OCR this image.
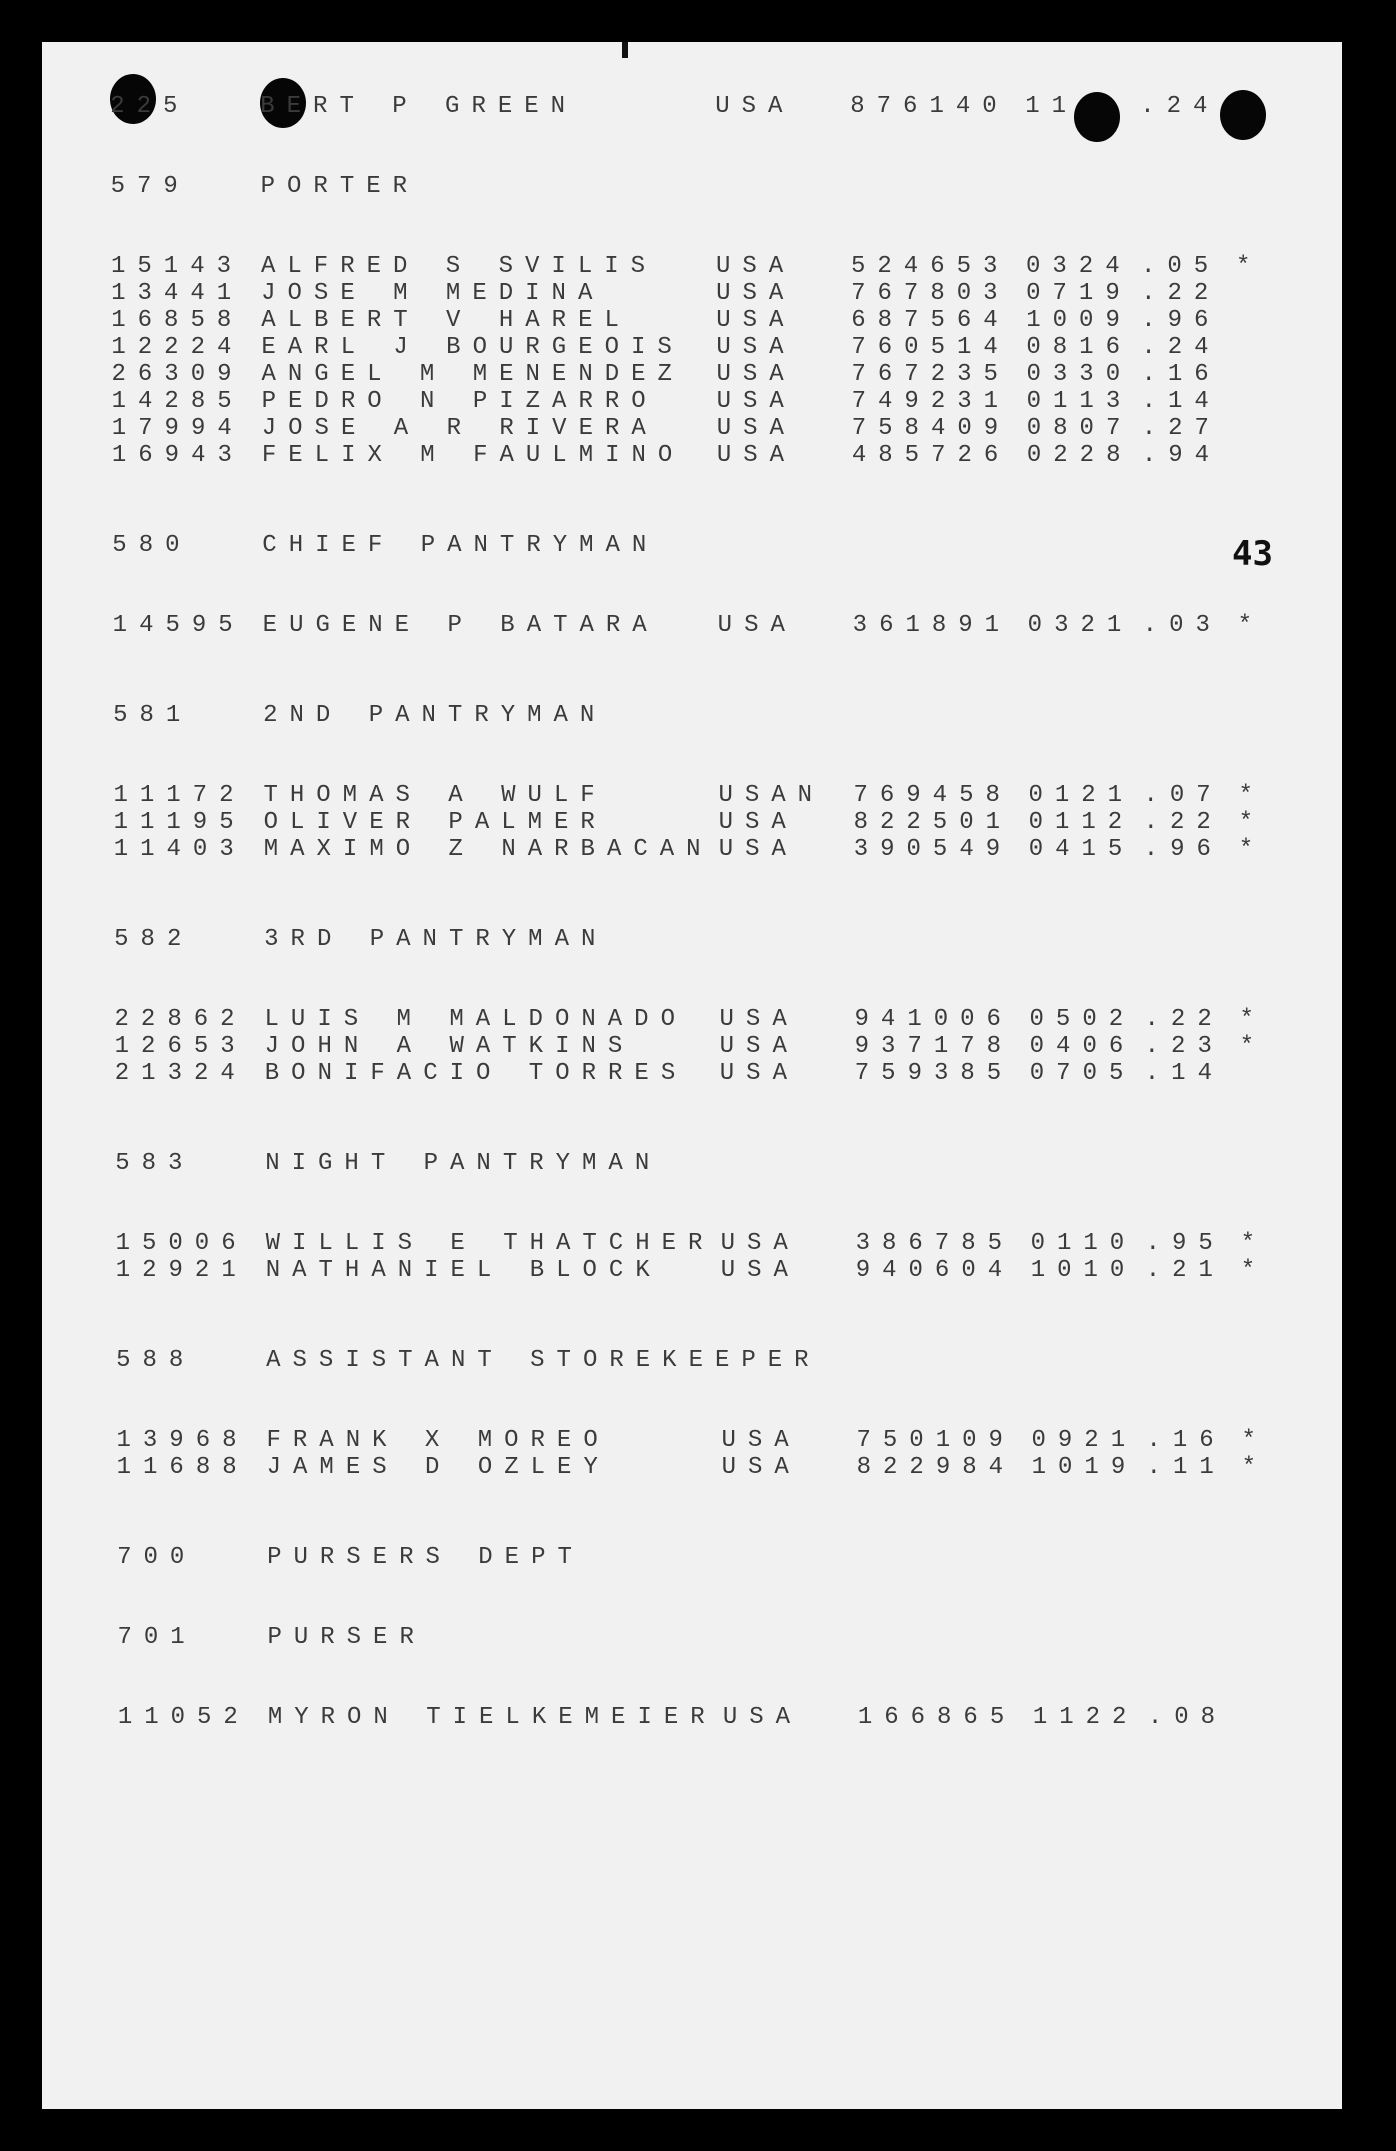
43
225	BERT P GREEN	USA 876140 11	.24
579	PORTER
15143 ALFRED S SVILIS USA 524653 0324 .05 *
13441 JOSE M MEDINA	USA 767803 0719 .22
16858 ALBERT V HAREL	USA 687564 1009 .96
12224 EARL J BOURGEOIS USA 760514 0816 .24
26309 ANGEL M MENENDEZ USA 767235 0330 .16
14285 PEDRO N PIZARRO USA 749231 0113 .14
17994 JOSE A R RIVERA USA 758409 0807 .27
16943 FELIX M FAULMINO USA 485726 0228 .94
580	CHIEF PANTRYMAN
14595 EUGENE P BATARA USA 361891 0321 .03 *
581	2ND PANTRYMAN
11172 THOMAS A WULF	USAN 769458 0121 .07 *
11195 OLIVER PALMER	USA 822501 0112 .22 *
11403 MAXIMO Z NARBACAN USA 390549 0415 .96 *
582	3RD PANTRYMAN
22862 LUIS M MALDONADO USA 941006 0502 .22 *
12653 JOHN A WATKINS	USA 937178 0406 .23 *
21324 BONIFACIO TORRES USA 759385 0705 .14
583	NIGHT PANTRYMAN
15006 WILLIS E THATCHER USA 386785 0110 .95 *
12921 NATHANIEL BLOCK USA 940604 1010 .21 *
588	ASSISTANT STOREKEEPER
13968 FRANK X MOREO	USA 750109 0921 .16 *
11688 JAMES D OZLEY	USA 822984 1019 .11 *
700	PURSERS DEPT
701	PURSER
11052 MYRON TIELKEMEIER USA 166865 1122 .08
